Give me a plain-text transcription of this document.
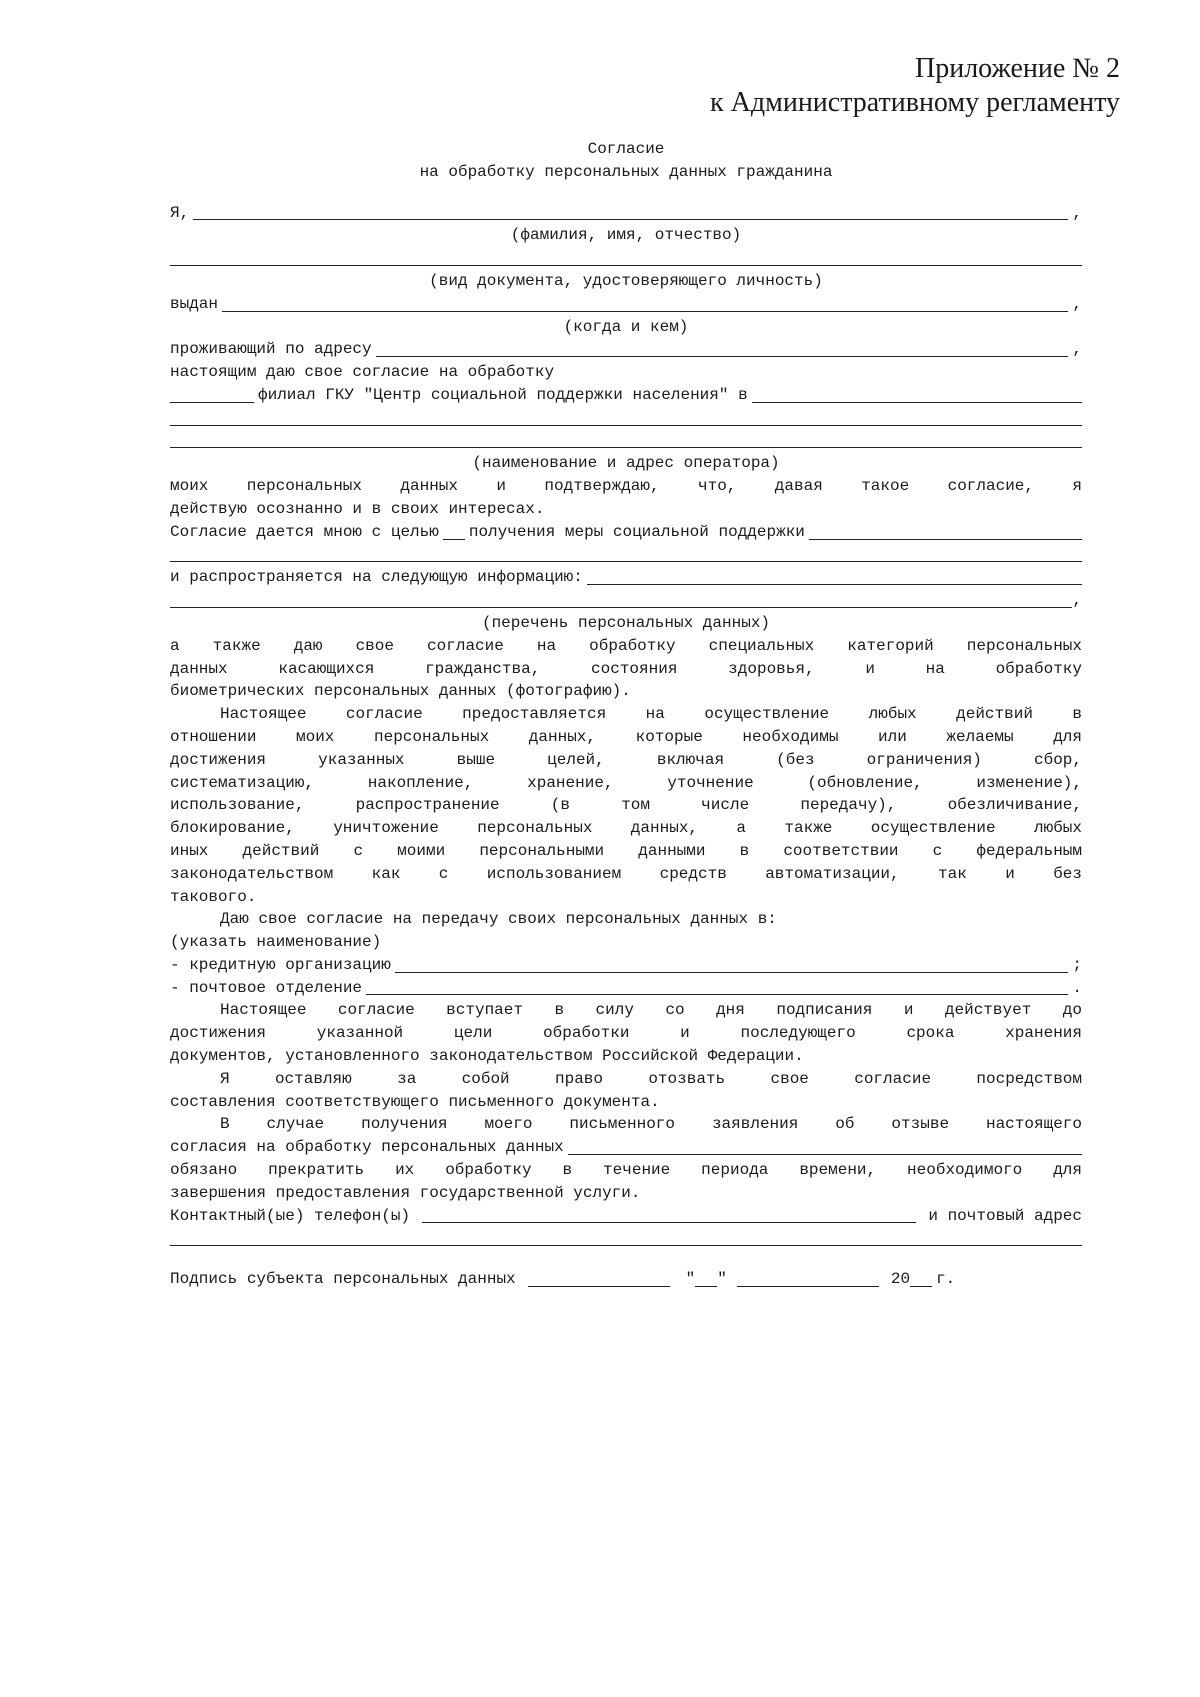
Приложение № 2
к Административному регламенту
Согласие
на обработку персональных данных гражданина
Я,	,
(фамилия, имя, отчество)
(вид документа, удостоверяющего личность)
выдан	,
(когда и кем)
проживающий по адресу	,
настоящим даю свое согласие на обработку
филиал ГКУ "Центр социальной поддержки населения" в
(наименование и адрес оператора)
моих персональных данных и подтверждаю, что, давая такое согласие, я
действую осознанно и в своих интересах.
Согласие дается мною с целью получения меры социальной поддержки
и распространяется на следующую информацию:
,
(перечень персональных данных)
а также даю свое согласие на обработку специальных категорий персональных
данных касающихся гражданства, состояния здоровья, и на обработку
биометрических персональных данных (фотографию).
Настоящее согласие предоставляется на осуществление любых действий в
отношении моих персональных данных, которые необходимы или желаемы для
достижения указанных выше целей, включая (без ограничения) сбор,
систематизацию, накопление, хранение, уточнение (обновление, изменение),
использование, распространение (в том числе передачу), обезличивание,
блокирование, уничтожение персональных данных, а также осуществление любых
иных действий с моими персональными данными в соответствии с федеральным
законодательством как с использованием средств автоматизации, так и без
такового.
Даю свое согласие на передачу своих персональных данных в:
(указать наименование)
- кредитную организацию	;
- почтовое отделение	.
Настоящее согласие вступает в силу со дня подписания и действует до
достижения указанной цели обработки и последующего срока хранения
документов, установленного законодательством Российской Федерации.
Я оставляю за собой право отозвать свое согласие посредством
составления соответствующего письменного документа.
В случае получения моего письменного заявления об отзыве настоящего
согласия на обработку персональных данных
обязано прекратить их обработку в течение периода времени, необходимого для
завершения предоставления государственной услуги.
Контактный(ые) телефон(ы)	и почтовый адрес
Подпись субъекта персональных данных	" "	20 г.
